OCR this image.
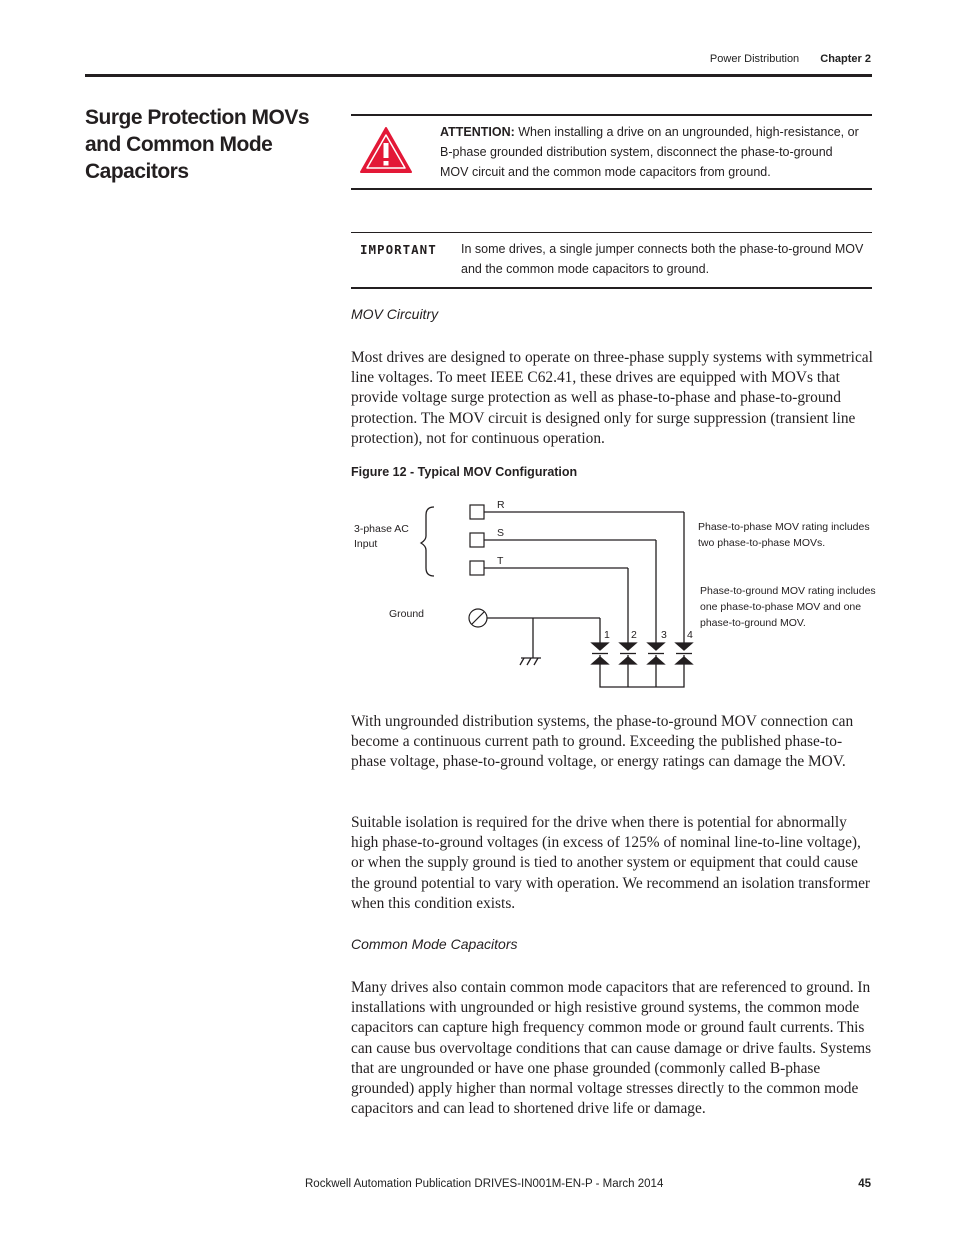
Power Distribution Chapter 2
Surge Protection MOVs and Common Mode Capacitors
ATTENTION: When installing a drive on an ungrounded, high-resistance, or B-phase grounded distribution system, disconnect the phase-to-ground MOV circuit and the common mode capacitors from ground.
IMPORTANT In some drives, a single jumper connects both the phase-to-ground MOV and the common mode capacitors to ground.
MOV Circuitry

Most drives are designed to operate on three-phase supply systems with symmetrical line voltages. To meet IEEE C62.41, these drives are equipped with MOVs that provide voltage surge protection as well as phase-to-phase and phase-to-ground protection. The MOV circuit is designed only for surge suppression (transient line protection), not for continuous operation.

Figure 12 - Typical MOV Configuration
R
S
T
3-phase AC
Input
Ground
1 2 3 4
Phase-to-phase MOV rating includes
two phase-to-phase MOVs.
Phase-to-ground MOV rating includes
one phase-to-phase MOV and one
phase-to-ground MOV.

With ungrounded distribution systems, the phase-to-ground MOV connection can become a continuous current path to ground. Exceeding the published phase-to-phase voltage, phase-to-ground voltage, or energy ratings can damage the MOV.

Suitable isolation is required for the drive when there is potential for abnormally high phase-to-ground voltages (in excess of 125% of nominal line-to-line voltage), or when the supply ground is tied to another system or equipment that could cause the ground potential to vary with operation. We recommend an isolation transformer when this condition exists.

Common Mode Capacitors

Many drives also contain common mode capacitors that are referenced to ground. In installations with ungrounded or high resistive ground systems, the common mode capacitors can capture high frequency common mode or ground fault currents. This can cause bus overvoltage conditions that can cause damage or drive faults. Systems that are ungrounded or have one phase grounded (commonly called B-phase grounded) apply higher than normal voltage stresses directly to the common mode capacitors and can lead to shortened drive life or damage.

Rockwell Automation Publication DRIVES-IN001M-EN-P - March 2014	45
